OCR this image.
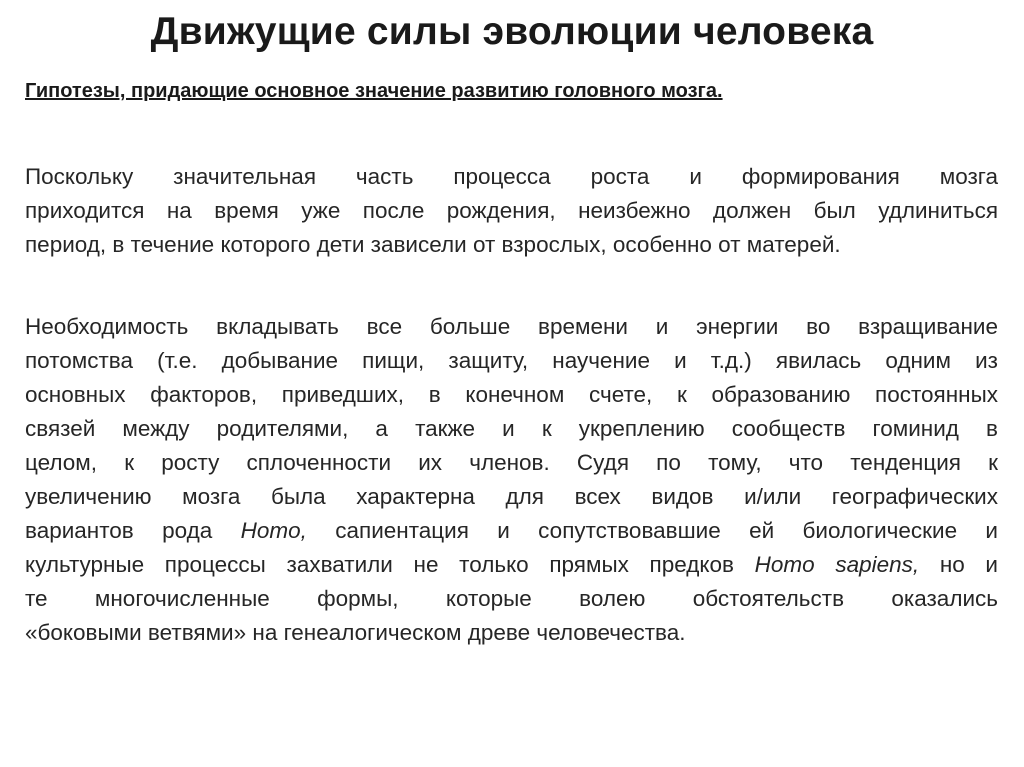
Движущие силы эволюции человека
Гипотезы, придающие основное значение развитию головного мозга.
Поскольку значительная часть процесса роста и формирования мозга
приходится на время уже после рождения, неизбежно должен был удлиниться
период, в течение которого дети зависели от взрослых, особенно от матерей.
Необходимость вкладывать все больше времени и энергии во взращивание
потомства (т.е. добывание пищи, защиту, научение и т.д.) явилась одним из
основных факторов, приведших, в конечном счете, к образованию постоянных
связей между родителями, а также и к укреплению сообществ гоминид в
целом, к росту сплоченности их членов. Судя по тому, что тенденция к
увеличению мозга была характерна для всех видов и/или географических
вариантов рода Homo, сапиентация и сопутствовавшие ей биологические и
культурные процессы захватили не только прямых предков Homo sapiens, но и
те многочисленные формы, которые волею обстоятельств оказались
«боковыми ветвями» на генеалогическом древе человечества.
